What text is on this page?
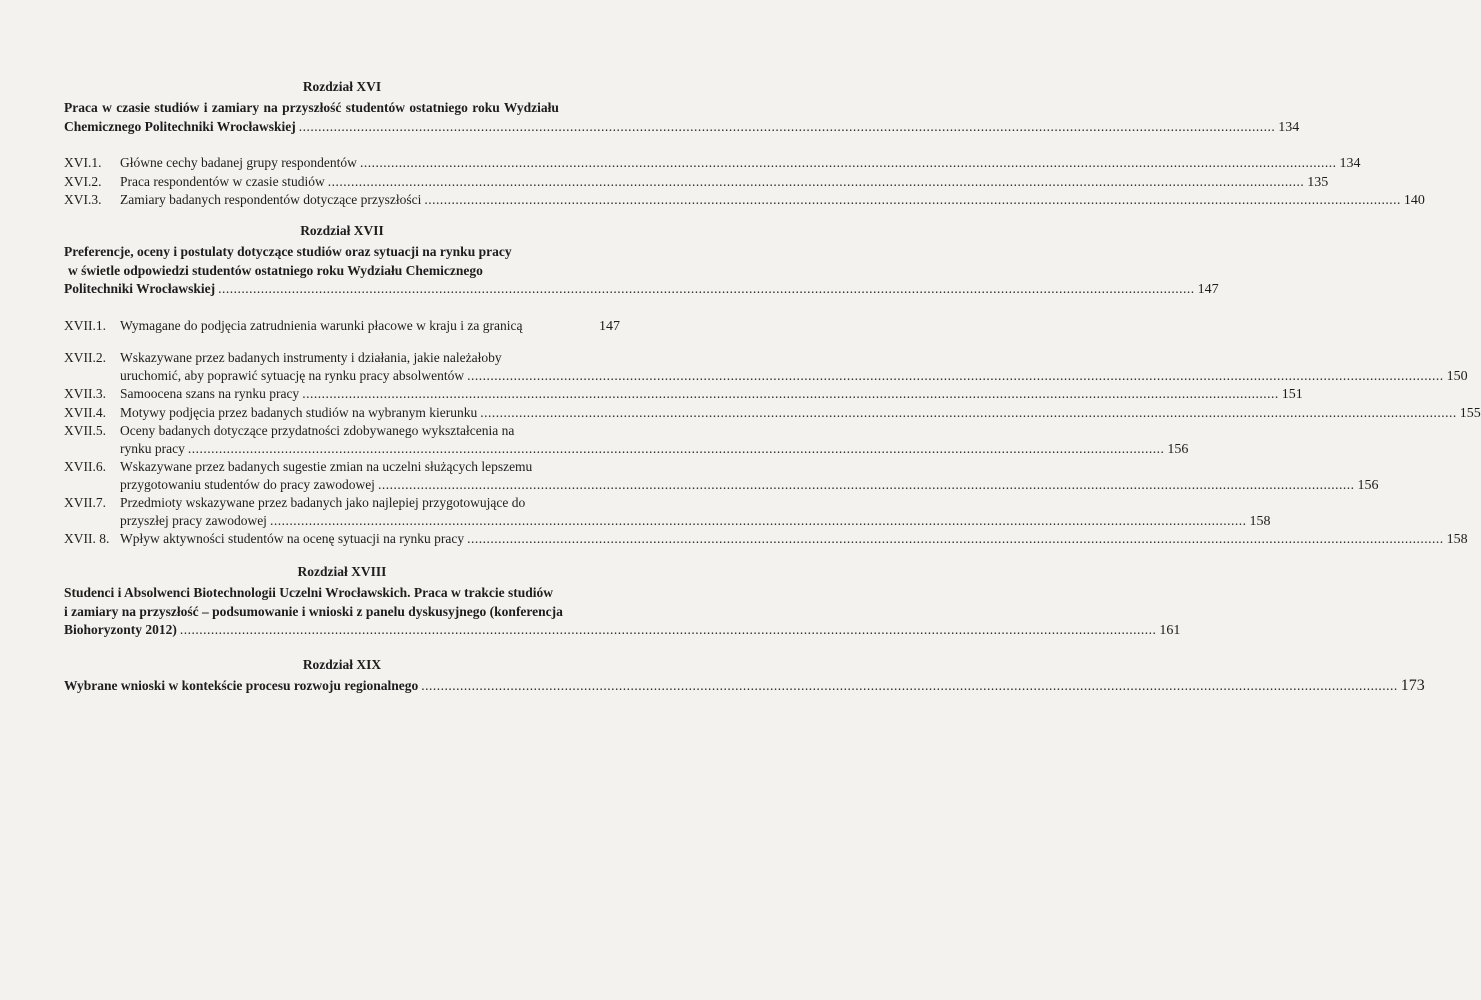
Rozdział XVI
Praca w czasie studiów i zamiary na przyszłość studentów ostatniego roku Wydziału
Chemicznego Politechniki Wrocławskiej .....	134
XVI.1.	Główne cechy badanej grupy respondentów .....	134
XVI.2.	Praca respondentów w czasie studiów .....	135
XVI.3.	Zamiary badanych respondentów dotyczące przyszłości .....	140
Rozdział XVII
Preferencje, oceny i postulaty dotyczące studiów oraz sytuacji na rynku pracy
w świetle odpowiedzi studentów ostatniego roku Wydziału Chemicznego
Politechniki Wrocławskiej .....	147
XVII.1.	Wymagane do podjęcia zatrudnienia warunki płacowe w kraju i za granicą	147
XVII.2.	Wskazywane przez badanych instrumenty i działania, jakie należałoby
uruchomić, aby poprawić sytuację na rynku pracy absolwentów .....	150
XVII.3.	Samoocena szans na rynku pracy .....	151
XVII.4.	Motywy podjęcia przez badanych studiów na wybranym kierunku .....	155
XVII.5.	Oceny badanych dotyczące przydatności zdobywanego wykształcenia na
rynku pracy .....	156
XVII.6.	Wskazywane przez badanych sugestie zmian na uczelni służących lepszemu
przygotowaniu studentów do pracy zawodowej .....	156
XVII.7.	Przedmioty wskazywane przez badanych jako najlepiej przygotowujące do
przyszłej pracy zawodowej .....	158
XVII. 8. Wpływ aktywności studentów na ocenę sytuacji na rynku pracy .....	158
Rozdział XVIII
Studenci i Absolwenci Biotechnologii Uczelni Wrocławskich. Praca w trakcie studiów
i zamiary na przyszłość – podsumowanie i wnioski z panelu dyskusyjnego (konferencja
Biohoryzonty 2012) .....	161
Rozdział XIX
Wybrane wnioski w kontekście procesu rozwoju regionalnego .....	173
